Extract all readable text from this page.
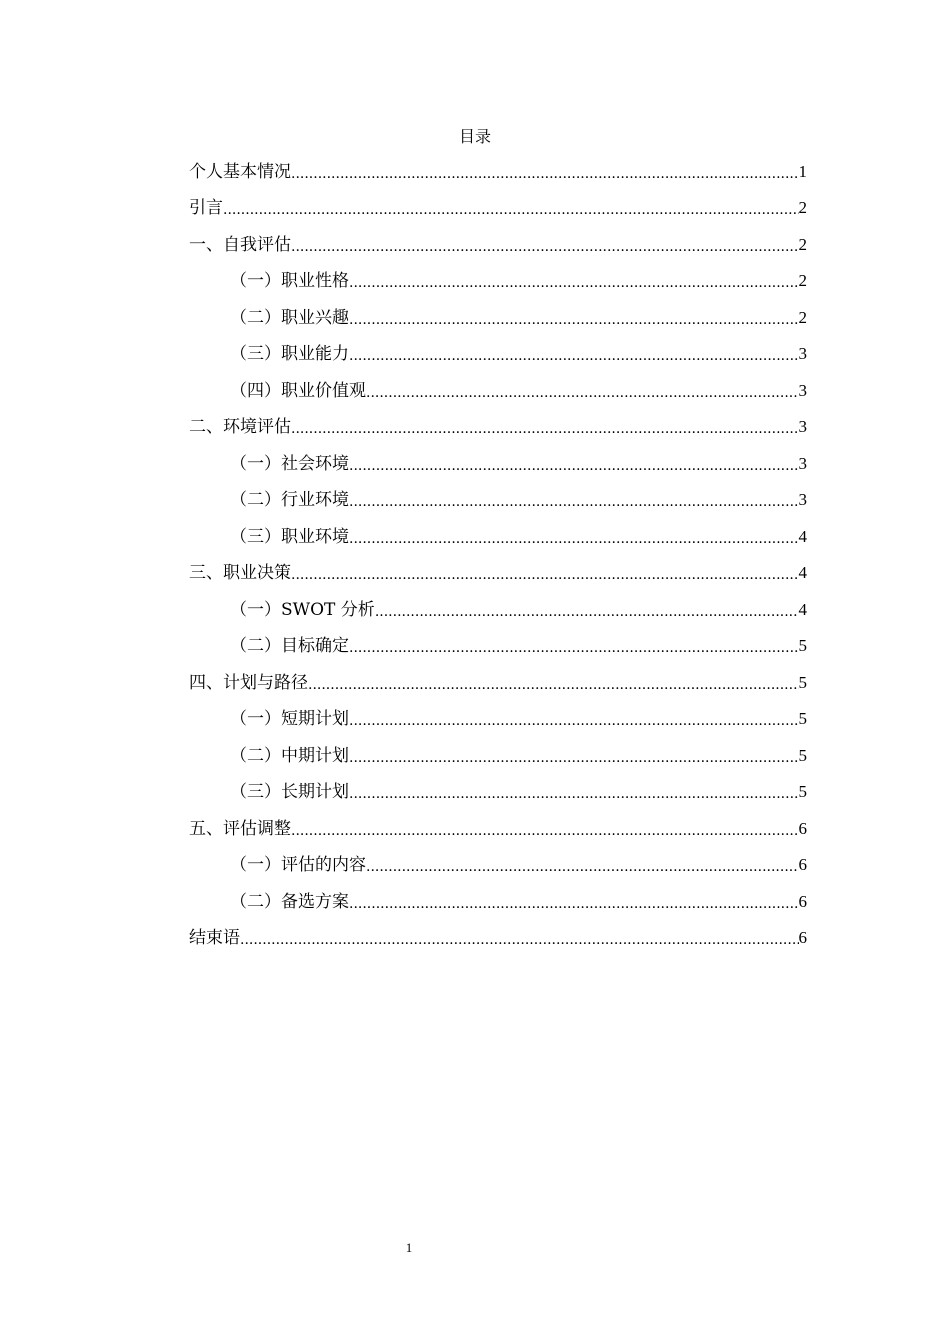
目录
个人基本情况 .....	1
引言 .....	2
一、自我评估 .....	2
（一）职业性格 .....	2
（二）职业兴趣 .....	2
（三）职业能力 .....	3
（四）职业价值观 .....	3
二、环境评估 .....	3
（一）社会环境 .....	3
（二）行业环境 .....	3
（三）职业环境 .....	4
三、职业决策 .....	4
（一）SWOT 分析 .....	4
（二）目标确定 .....	5
四、计划与路径 .....	5
（一）短期计划 .....	5
（二）中期计划 .....	5
（三）长期计划 .....	5
五、评估调整 .....	6
（一）评估的内容 .....	6
（二）备选方案 .....	6
结束语 .....	6
1
